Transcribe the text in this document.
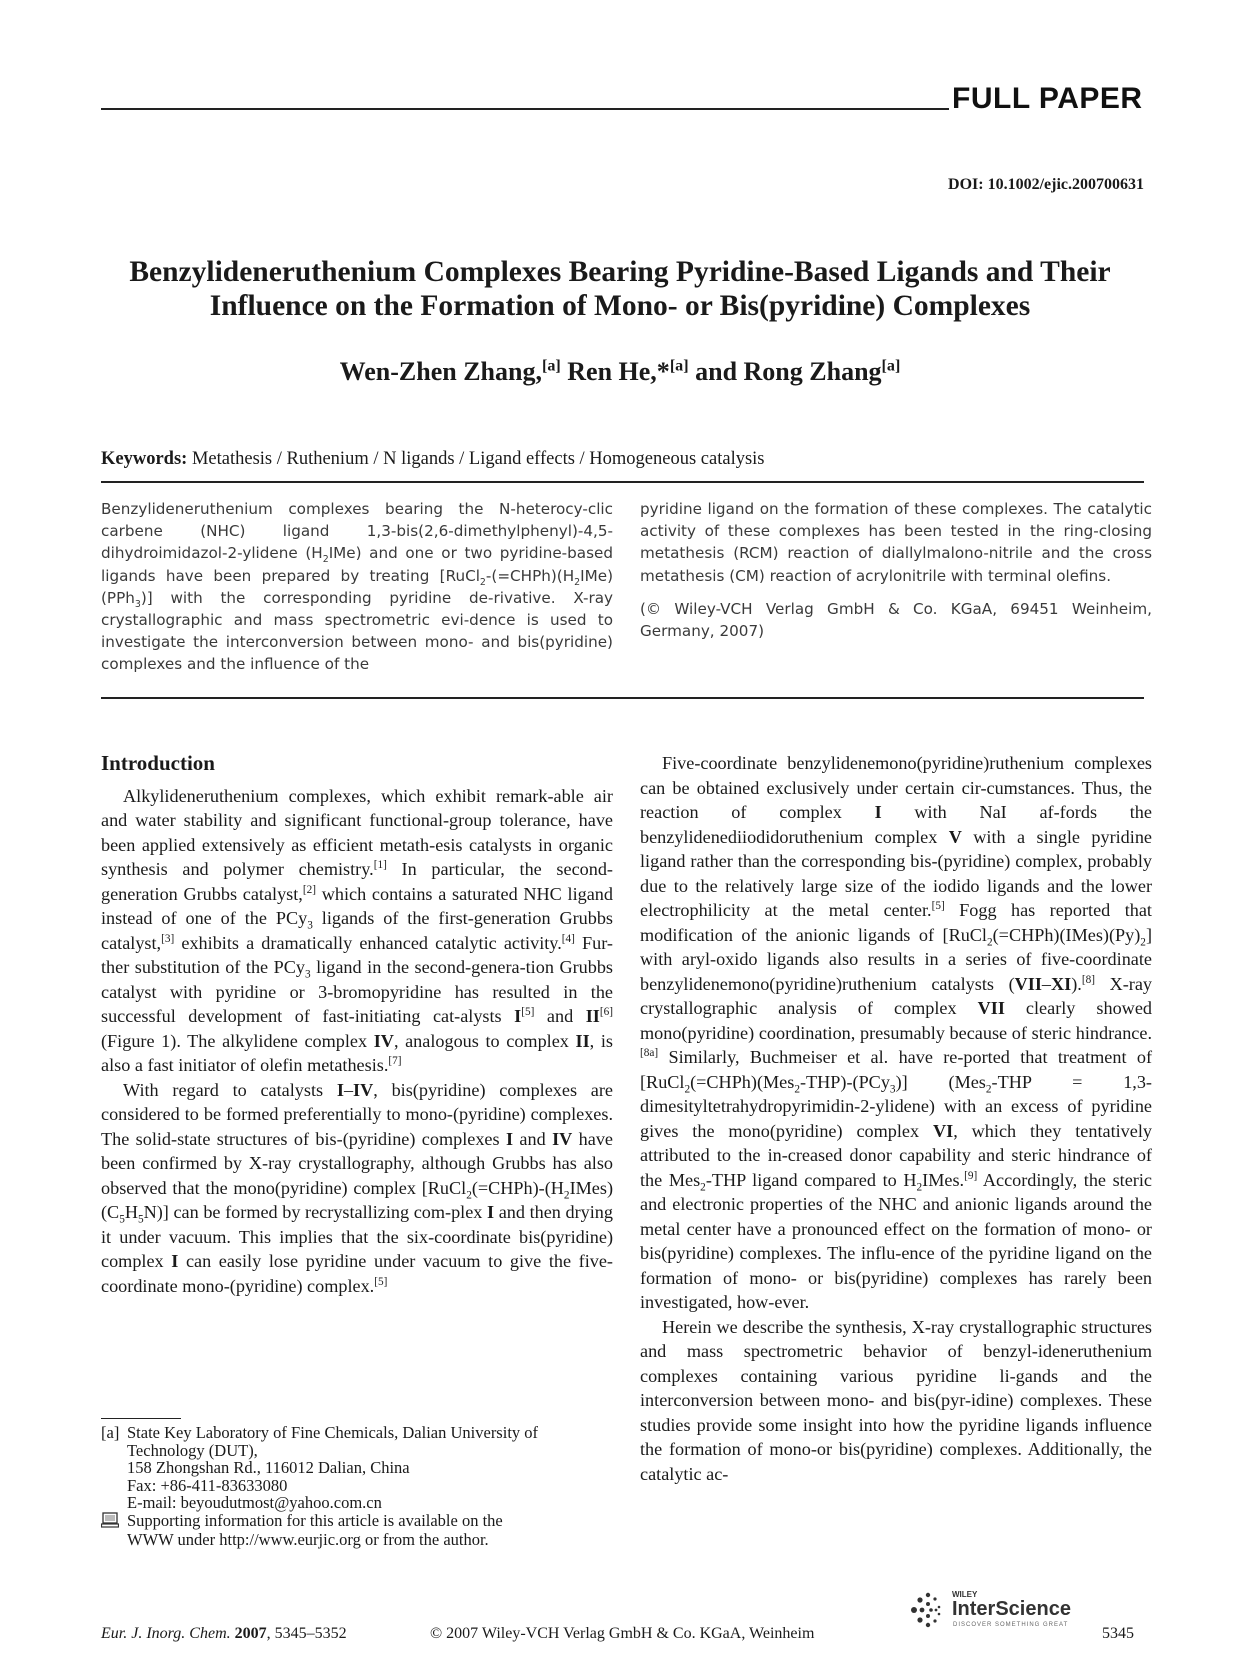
FULL PAPER
DOI: 10.1002/ejic.200700631
Benzylideneruthenium Complexes Bearing Pyridine-Based Ligands and Their
Influence on the Formation of Mono- or Bis(pyridine) Complexes
Wen-Zhen Zhang,[a] Ren He,*[a] and Rong Zhang[a]
Keywords: Metathesis / Ruthenium / N ligands / Ligand effects / Homogeneous catalysis

Benzylideneruthenium complexes bearing the N-heterocy-clic carbene (NHC) ligand 1,3-bis(2,6-dimethylphenyl)-4,5-dihydroimidazol-2-ylidene $(H_2IMe)$ and one or two pyridine-based ligands have been prepared by treating $[RuCl_2-(=CHPh)(H_2IMe)(PPh_3)]$ with the corresponding pyridine de-rivative. X-ray crystallographic and mass spectrometric evi-dence is used to investigate the interconversion between mono- and bis(pyridine) complexes and the influence of the

pyridine ligand on the formation of these complexes. The catalytic activity of these complexes has been tested in the ring-closing metathesis (RCM) reaction of diallylmalono-nitrile and the cross metathesis (CM) reaction of acrylonitrile with terminal olefins.

(© Wiley-VCH Verlag GmbH & Co. KGaA, 69451 Weinheim, Germany, 2007)

Introduction

Alkylideneruthenium complexes, which exhibit remark-able air and water stability and significant functional-group tolerance, have been applied extensively as efficient metath-esis catalysts in organic synthesis and polymer chemistry.[1] In particular, the second-generation Grubbs catalyst,[2] which contains a saturated NHC ligand instead of one of the PCy$_3$ ligands of the first-generation Grubbs catalyst,[3] exhibits a dramatically enhanced catalytic activity.[4] Fur-ther substitution of the PCy$_3$ ligand in the second-genera-tion Grubbs catalyst with pyridine or 3-bromopyridine has resulted in the successful development of fast-initiating cat-alysts I[5] and II[6] (Figure 1). The alkylidene complex IV, analogous to complex II, is also a fast initiator of olefin metathesis.[7]

With regard to catalysts I–IV, bis(pyridine) complexes are considered to be formed preferentially to mono-(pyridine) complexes. The solid-state structures of bis-(pyridine) complexes I and IV have been confirmed by X-ray crystallography, although Grubbs has also observed that the mono(pyridine) complex $[RuCl_2(=CHPh)-(H_2IMes)(C_5H_5N)]$ can be formed by recrystallizing com-plex I and then drying it under vacuum. This implies that the six-coordinate bis(pyridine) complex I can easily lose pyridine under vacuum to give the five-coordinate mono-(pyridine) complex.[5]

Five-coordinate benzylidenemono(pyridine)ruthenium complexes can be obtained exclusively under certain cir-cumstances. Thus, the reaction of complex I with NaI af-fords the benzylidenediiodidoruthenium complex V with a single pyridine ligand rather than the corresponding bis-(pyridine) complex, probably due to the relatively large size of the iodido ligands and the lower electrophilicity at the metal center.[5] Fogg has reported that modification of the anionic ligands of $[RuCl_2(=CHPh)(IMes)(Py)_2]$ with aryl-oxido ligands also results in a series of five-coordinate benzylidenemono(pyridine)ruthenium catalysts (VII–XI).[8] X-ray crystallographic analysis of complex VII clearly showed mono(pyridine) coordination, presumably because of steric hindrance.[8a] Similarly, Buchmeiser et al. have re-ported that treatment of [RuCl$_2$(=CHPh)(Mes$_2$-THP)-(PCy$_3$)] (Mes$_2$-THP = 1,3-dimesityltetrahydropyrimidin-2-ylidene) with an excess of pyridine gives the mono(pyridine) complex VI, which they tentatively attributed to the in-creased donor capability and steric hindrance of the Mes$_2$-THP ligand compared to $H_2IMes.[9]$ Accordingly, the steric and electronic properties of the NHC and anionic ligands around the metal center have a pronounced effect on the formation of mono- or bis(pyridine) complexes. The influ-ence of the pyridine ligand on the formation of mono- or bis(pyridine) complexes has rarely been investigated, how-ever.

Herein we describe the synthesis, X-ray crystallographic structures and mass spectrometric behavior of benzyl-ideneruthenium complexes containing various pyridine li-gands and the interconversion between mono- and bis(pyr-idine) complexes. These studies provide some insight into how the pyridine ligands influence the formation of mono-or bis(pyridine) complexes. Additionally, the catalytic ac-

[a] State Key Laboratory of Fine Chemicals, Dalian University of
Technology (DUT),
158 Zhongshan Rd., 116012 Dalian, China
Fax: +86-411-83633080
E-mail: beyoudutmost@yahoo.com.cn
Supporting information for this article is available on the
WWW under http://www.eurjic.org or from the author.
Eur. J. Inorg. Chem. 2007, 5345–5352	© 2007 Wiley-VCH Verlag GmbH & Co. KGaA, Weinheim
WILEY
InterScience
DISCOVER SOMETHING GREAT 5345
